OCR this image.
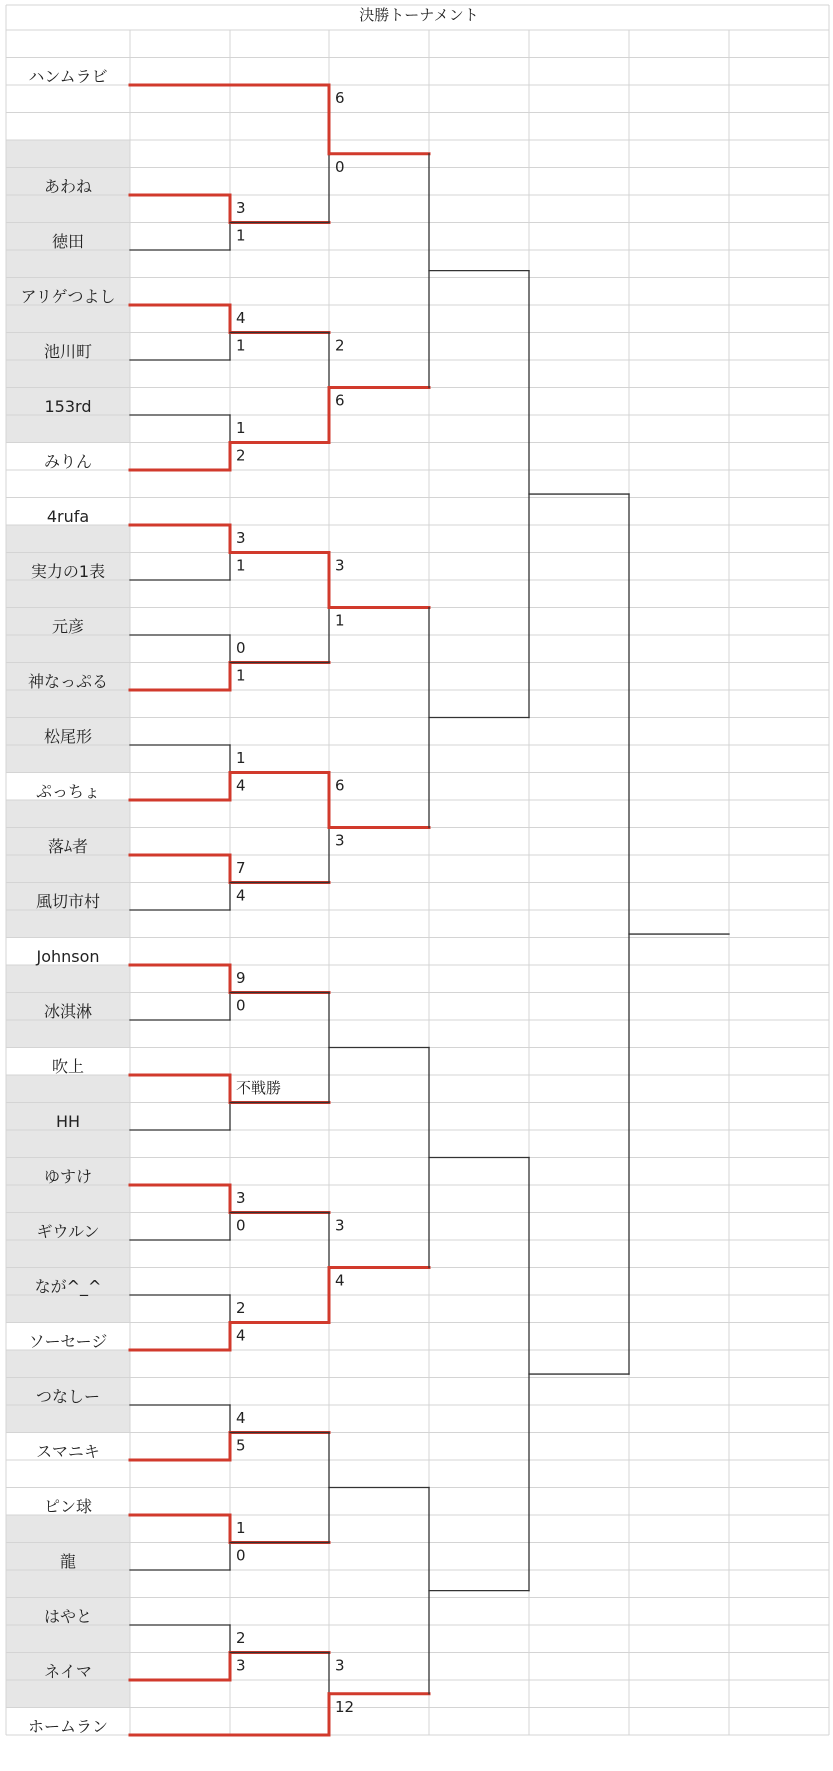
決勝トーナメント
ハンムラビ
あわね
徳田
アリゲつよし
池川町
153rd
みりん
4rufa
実力の1表
元彦
神なっぷる
松尾形
ぷっちょ
落ﾑ者
風切市村
Johnson
冰淇淋
吹上
HH
ゆすけ
ギウルン
なが^_^
ソーセージ
つなしー
スマニキ
ピン球
龍
はやと
ネイマ
ホームラン
3
1
4
1
1
2
3
1
0
1
1
4
7
4
9
0
不戦勝
3
0
2
4
4
5
1
0
2
3
6
0
2
6
3
1
6
3
3
4
3
12
